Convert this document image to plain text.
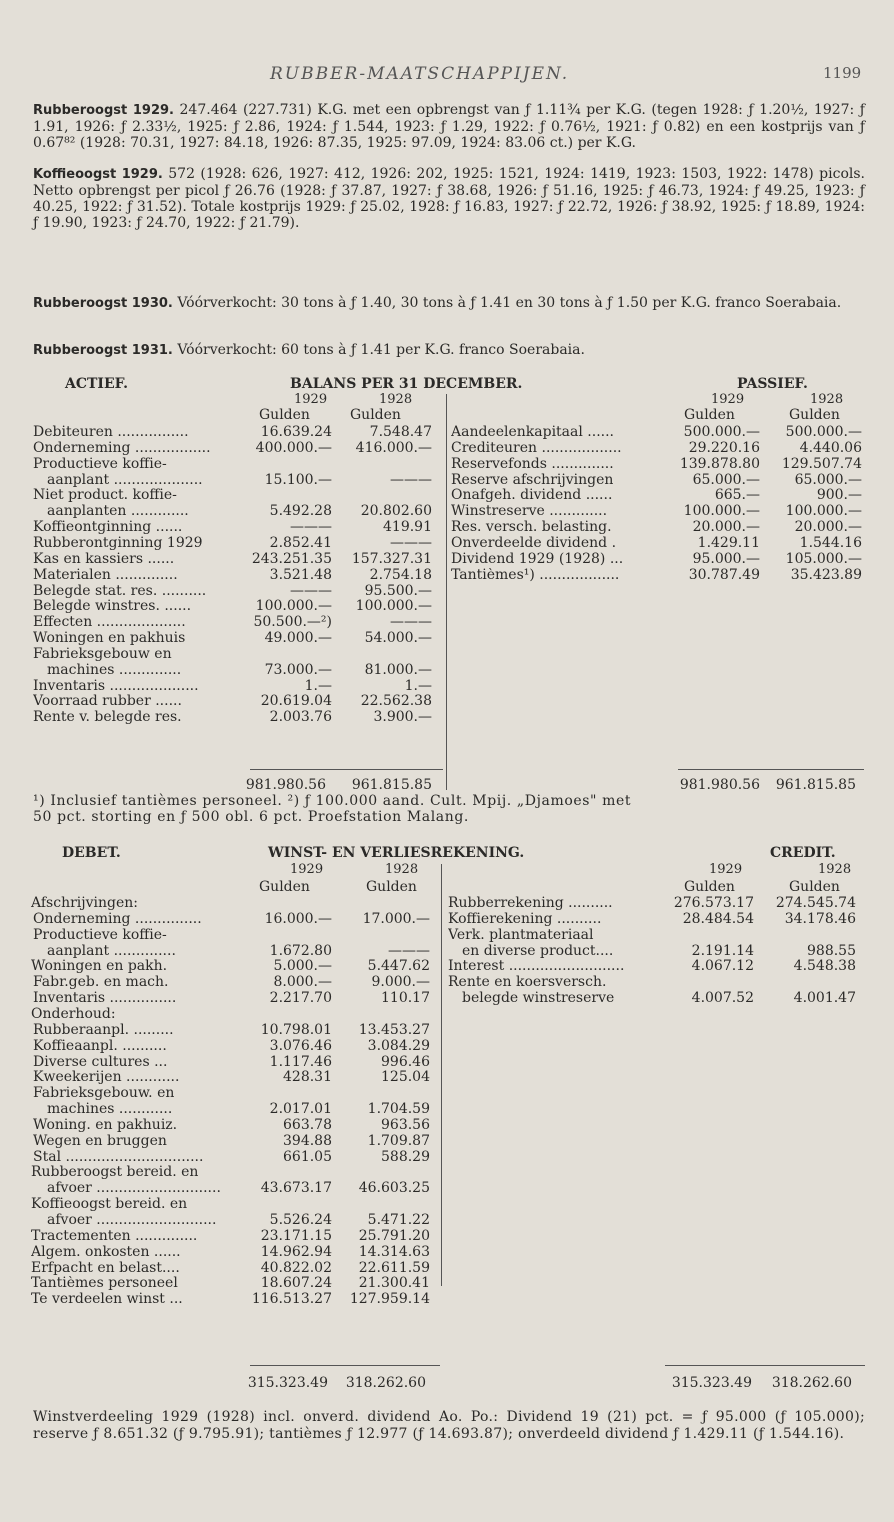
RUBBER-MAATSCHAPPIJEN.	1199

Rubberoogst 1929. 247.464 (227.731) K.G. met een opbrengst van ƒ 1.11¾ per K.G. (tegen 1928: ƒ 1.20½, 1927: ƒ 1.91, 1926: ƒ 2.33½, 1925: ƒ 2.86, 1924: ƒ 1.544, 1923: ƒ 1.29, 1922: ƒ 0.76½, 1921: ƒ 0.82) en een kostprijs van ƒ 0.67⁸² (1928: 70.31, 1927: 84.18, 1926: 87.35, 1925: 97.09, 1924: 83.06 ct.) per K.G.

Koffieoogst 1929. 572 (1928: 626, 1927: 412, 1926: 202, 1925: 1521, 1924: 1419, 1923: 1503, 1922: 1478) picols. Netto opbrengst per picol ƒ 26.76 (1928: ƒ 37.87, 1927: ƒ 38.68, 1926: ƒ 51.16, 1925: ƒ 46.73, 1924: ƒ 49.25, 1923: ƒ 40.25, 1922: ƒ 31.52). Totale kostprijs 1929: ƒ 25.02, 1928: ƒ 16.83, 1927: ƒ 22.72, 1926: ƒ 38.92, 1925: ƒ 18.89, 1924: ƒ 19.90, 1923: ƒ 24.70, 1922: ƒ 21.79).

Rubberoogst 1930. Vóórverkocht: 30 tons à ƒ 1.40, 30 tons à ƒ 1.41 en 30 tons à ƒ 1.50 per K.G. franco Soerabaia.

Rubberoogst 1931. Vóórverkocht: 60 tons à ƒ 1.41 per K.G. franco Soerabaia.

ACTIEF.	BALANS PER 31 DECEMBER.	PASSIEF.
1929	1928	1929	1928
Gulden	Gulden	Gulden	Gulden
Debiteuren ................	16.639.24	7.548.47
Onderneming .................	400.000.—	416.000.—
Productieve koffie-
aanplant ....................	15.100.—	———
Niet product. koffie-
aanplanten .............	5.492.28	20.802.60
Koffieontginning ......	———	419.91
Rubberontginning 1929	2.852.41	———
Kas en kassiers ......	243.251.35	157.327.31
Materialen ..............	3.521.48	2.754.18
Belegde stat. res. ..........	———	95.500.—
Belegde winstres. ......	100.000.—	100.000.—
Effecten ....................	50.500.—²)	———
Woningen en pakhuis	49.000.—	54.000.—
Fabrieksgebouw en
machines ..............	73.000.—	81.000.—
Inventaris ....................	1.—	1.—
Voorraad rubber ......	20.619.04	22.562.38
Rente v. belegde res.	2.003.76	3.900.—
Aandeelenkapitaal ......	500.000.—	500.000.—
Crediteuren ..................	29.220.16	4.440.06
Reservefonds ..............	139.878.80	129.507.74
Reserve afschrijvingen	65.000.—	65.000.—
Onafgeh. dividend ......	665.—	900.—
Winstreserve .............	100.000.—	100.000.—
Res. versch. belasting.	20.000.—	20.000.—
Onverdeelde dividend .	1.429.11	1.544.16
Dividend 1929 (1928) ...	95.000.—	105.000.—
Tantièmes¹) ..................	30.787.49	35.423.89
981.980.56	961.815.85	981.980.56	961.815.85
¹) Inclusief tantièmes personeel. ²) ƒ 100.000 aand. Cult. Mpij. „Djamoes" met
50 pct. storting en ƒ 500 obl. 6 pct. Proefstation Malang.
DEBET.	WINST- EN VERLIESREKENING.	CREDIT.
1929	1928	1929	1928
Gulden	Gulden	Gulden	Gulden
Afschrijvingen:
Onderneming ...............	16.000.—	17.000.—
Productieve koffie-
aanplant ..............	1.672.80	———
Woningen en pakh.	5.000.—	5.447.62
Fabr.geb. en mach.	8.000.—	9.000.—
Inventaris ...............	2.217.70	110.17
Onderhoud:
Rubberaanpl. .........	10.798.01	13.453.27
Koffieaanpl. ..........	3.076.46	3.084.29
Diverse cultures ...	1.117.46	996.46
Kweekerijen ............	428.31	125.04
Fabrieksgebouw. en
machines ............	2.017.01	1.704.59
Woning. en pakhuiz.	663.78	963.56
Wegen en bruggen	394.88	1.709.87
Stal ...............................	661.05	588.29
Rubberoogst bereid. en
afvoer ............................	43.673.17	46.603.25
Koffieoogst bereid. en
afvoer ...........................	5.526.24	5.471.22
Tractementen ..............	23.171.15	25.791.20
Algem. onkosten ......	14.962.94	14.314.63
Erfpacht en belast....	40.822.02	22.611.59
Tantièmes personeel	18.607.24	21.300.41
Te verdeelen winst ...	116.513.27	127.959.14
Rubberrekening ..........	276.573.17	274.545.74
Koffierekening ..........	28.484.54	34.178.46
Verk. plantmateriaal
en diverse product....	2.191.14	988.55
Interest ..........................	4.067.12	4.548.38
Rente en koersversch.
belegde winstreserve	4.007.52	4.001.47
315.323.49	318.262.60	315.323.49	318.262.60

Winstverdeeling 1929 (1928) incl. onverd. dividend Ao. Po.: Dividend 19 (21) pct. = ƒ 95.000 (ƒ 105.000); reserve ƒ 8.651.32 (ƒ 9.795.91); tantièmes ƒ 12.977 (ƒ 14.693.87); onverdeeld dividend ƒ 1.429.11 (ƒ 1.544.16).
